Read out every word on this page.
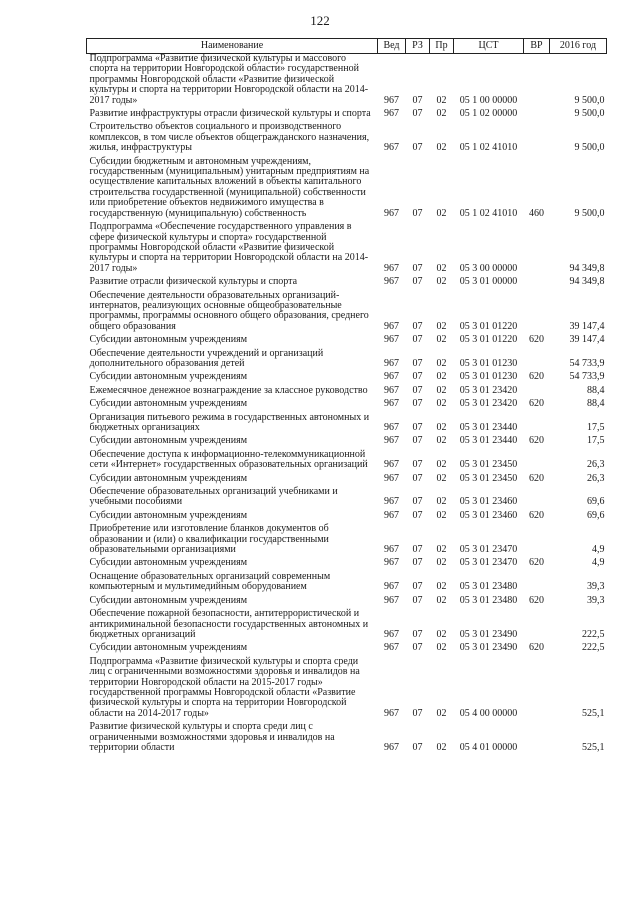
122
Наименование	Вед	РЗ	Пр	ЦСТ	ВР	2016 год
Подпрограмма «Развитие физической культуры и массового спорта на территории Новгородской области» государственной программы Новгородской области «Развитие физической культуры и спорта на территории Новгородской области на 2014-2017 годы»	967	07	02	05 1 00 00000		9 500,0
Развитие инфраструктуры отрасли физической культуры и спорта	967	07	02	05 1 02 00000		9 500,0
Строительство объектов социального и производственного комплексов, в том числе объектов общегражданского назначения, жилья, инфраструктуры	967	07	02	05 1 02 41010		9 500,0
Субсидии бюджетным и автономным учреждениям, государственным (муниципальным) унитарным предприятиям на осуществление капитальных вложений в объекты капитального строительства государственной (муниципальной) собственности или приобретение объектов недвижимого имущества в государственную (муниципальную) собственность	967	07	02	05 1 02 41010	460	9 500,0
Подпрограмма «Обеспечение государственного управления в сфере физической культуры и спорта» государственной программы Новгородской области «Развитие физической культуры и спорта на территории Новгородской области на 2014-2017 годы»	967	07	02	05 3 00 00000		94 349,8
Развитие отрасли физической культуры и спорта	967	07	02	05 3 01 00000		94 349,8
Обеспечение деятельности образовательных организаций-интернатов, реализующих основные общеобразовательные программы, программы основного общего образования, среднего общего образования	967	07	02	05 3 01 01220		39 147,4
Субсидии автономным учреждениям	967	07	02	05 3 01 01220	620	39 147,4
Обеспечение деятельности учреждений и организаций дополнительного образования детей	967	07	02	05 3 01 01230		54 733,9
Субсидии автономным учреждениям	967	07	02	05 3 01 01230	620	54 733,9
Ежемесячное денежное вознаграждение за классное руководство	967	07	02	05 3 01 23420		88,4
Субсидии автономным учреждениям	967	07	02	05 3 01 23420	620	88,4
Организация питьевого режима в государственных автономных и бюджетных организациях	967	07	02	05 3 01 23440		17,5
Субсидии автономным учреждениям	967	07	02	05 3 01 23440	620	17,5
Обеспечение доступа к информационно-телекоммуникационной сети «Интернет» государственных образовательных организаций	967	07	02	05 3 01 23450		26,3
Субсидии автономным учреждениям	967	07	02	05 3 01 23450	620	26,3
Обеспечение образовательных организаций учебниками и учебными пособиями	967	07	02	05 3 01 23460		69,6
Субсидии автономным учреждениям	967	07	02	05 3 01 23460	620	69,6
Приобретение или изготовление бланков документов об образовании и (или) о квалификации государственными образовательными организациями	967	07	02	05 3 01 23470		4,9
Субсидии автономным учреждениям	967	07	02	05 3 01 23470	620	4,9
Оснащение образовательных организаций современным компьютерным и мультимедийным оборудованием	967	07	02	05 3 01 23480		39,3
Субсидии автономным учреждениям	967	07	02	05 3 01 23480	620	39,3
Обеспечение пожарной безопасности, антитеррористической и антикриминальной безопасности государственных автономных и бюджетных организаций	967	07	02	05 3 01 23490		222,5
Субсидии автономным учреждениям	967	07	02	05 3 01 23490	620	222,5
Подпрограмма «Развитие физической культуры и спорта среди лиц с ограниченными возможностями здоровья и инвалидов на территории Новгородской области на 2015-2017 годы» государственной программы Новгородской области «Развитие физической культуры и спорта на территории Новгородской области на 2014-2017 годы»	967	07	02	05 4 00 00000		525,1
Развитие физической культуры и спорта среди лиц с ограниченными возможностями здоровья и инвалидов на территории области	967	07	02	05 4 01 00000		525,1
